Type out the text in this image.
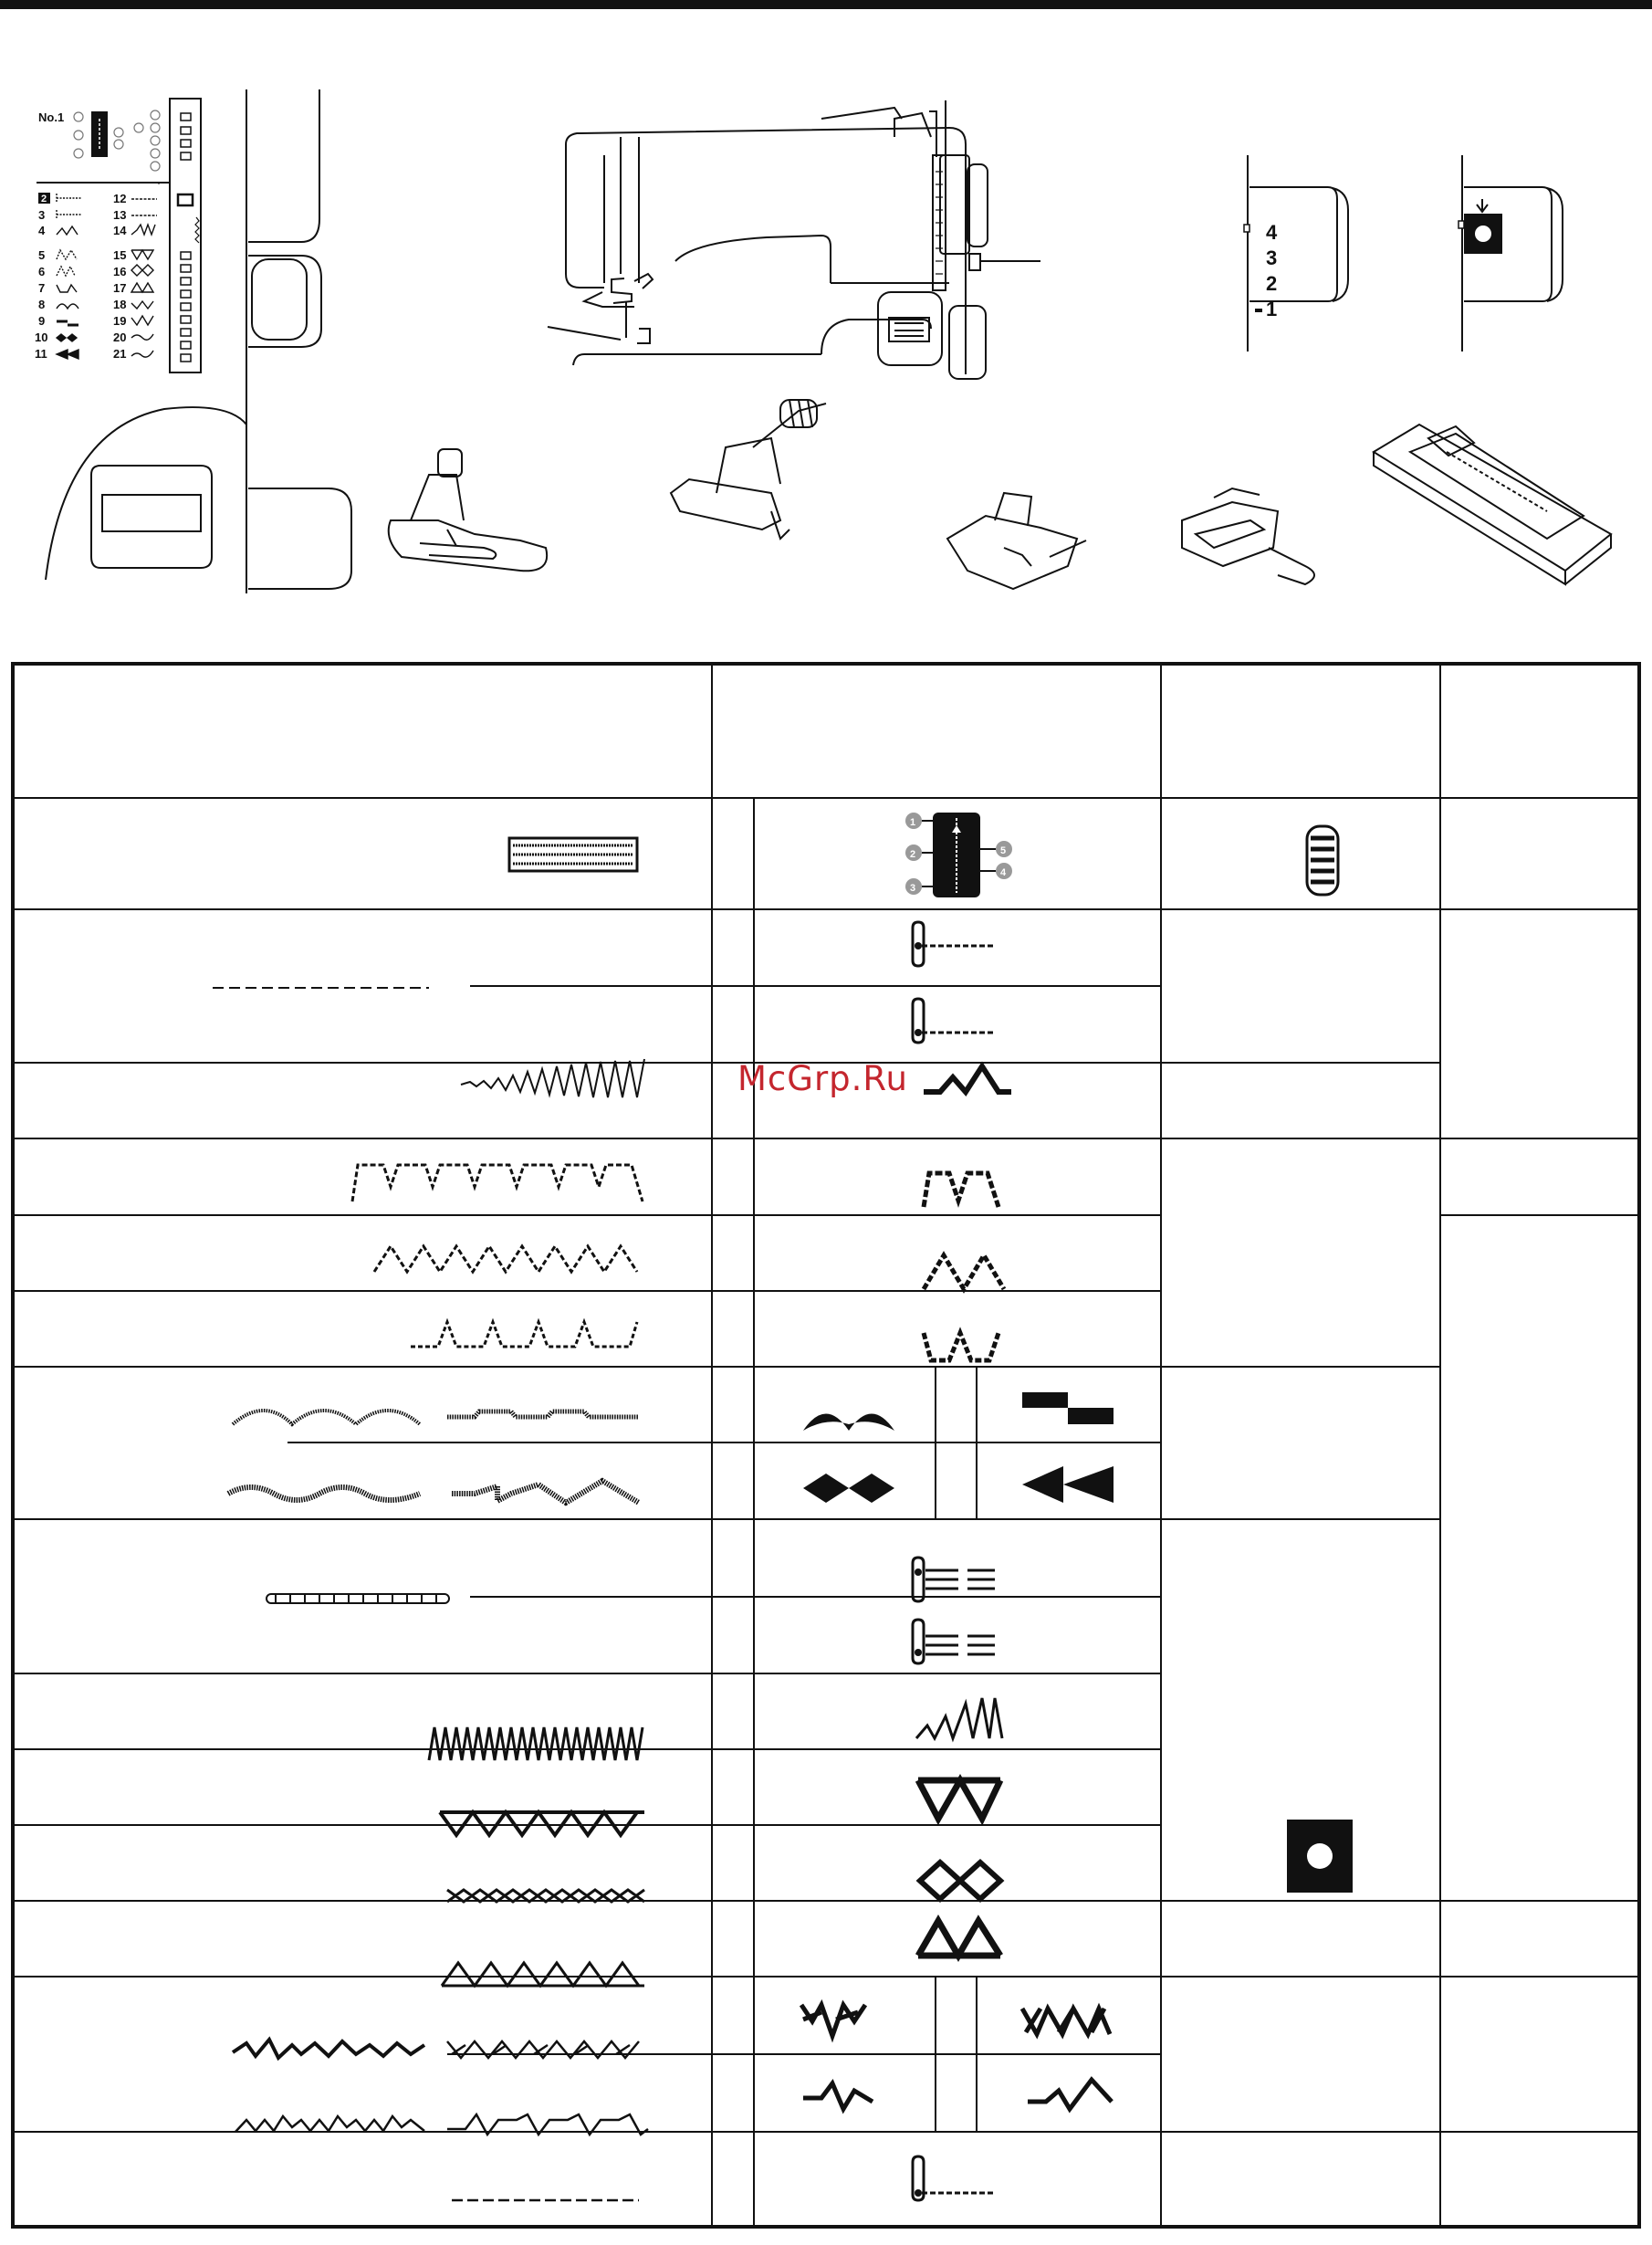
No.1
2
3
4
5
6
7
8
9
10
11
12
13
14
15
16
17
18
19
20
21
4
3
2
1
1
2
3
4
5
McGrp.Ru
